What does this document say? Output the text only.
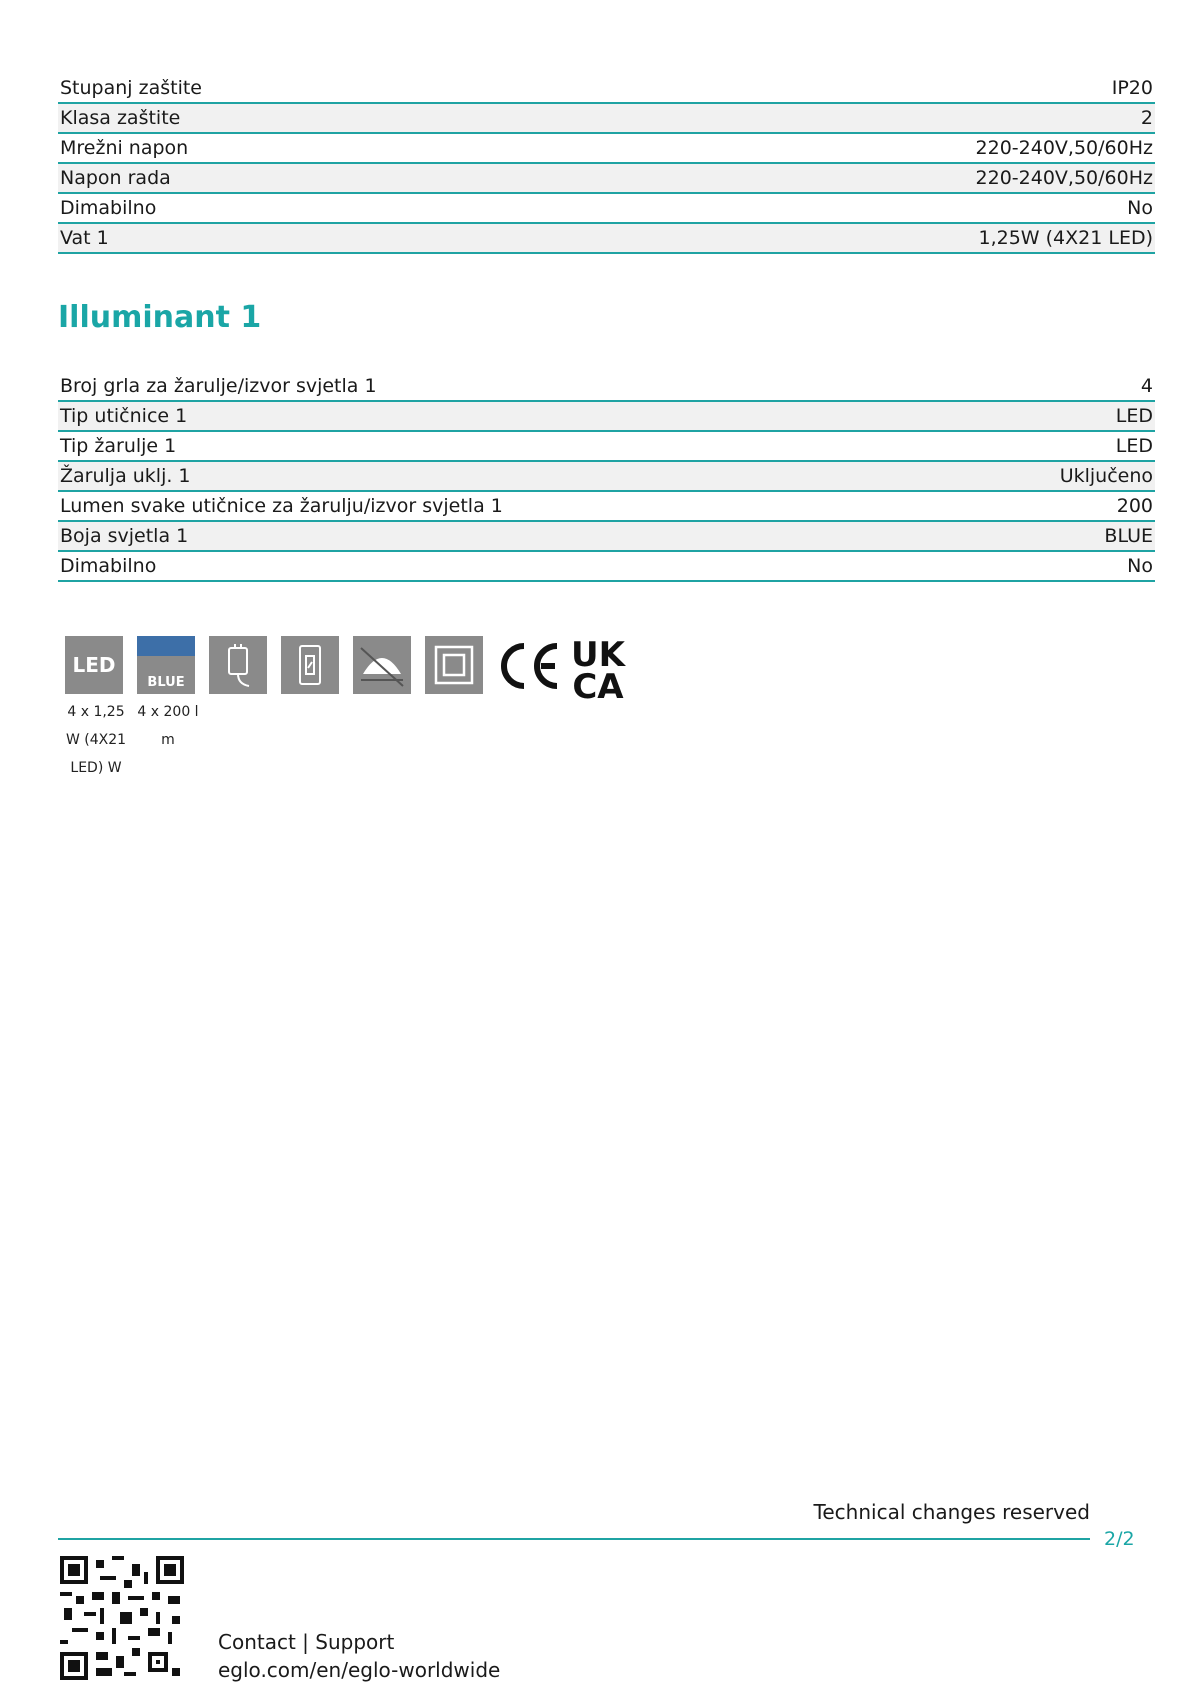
Stupanj zaštite	IP20
Klasa zaštite	2
Mrežni napon	220-240V,50/60Hz
Napon rada	220-240V,50/60Hz
Dimabilno	No
Vat 1	1,25W (4X21 LED)
Illuminant 1
Broj grla za žarulje/izvor svjetla 1	4
Tip utičnice 1	LED
Tip žarulje 1	LED
Žarulja uklj. 1	Uključeno
Lumen svake utičnice za žarulju/izvor svjetla 1	200
Boja svjetla 1	BLUE
Dimabilno	No
LED
BLUE
UK
CA
4 x 1,25
W (4X21
LED) W
4 x 200 l
m
Technical changes reserved
2/2
Contact | Support
eglo.com/en/eglo-worldwide
